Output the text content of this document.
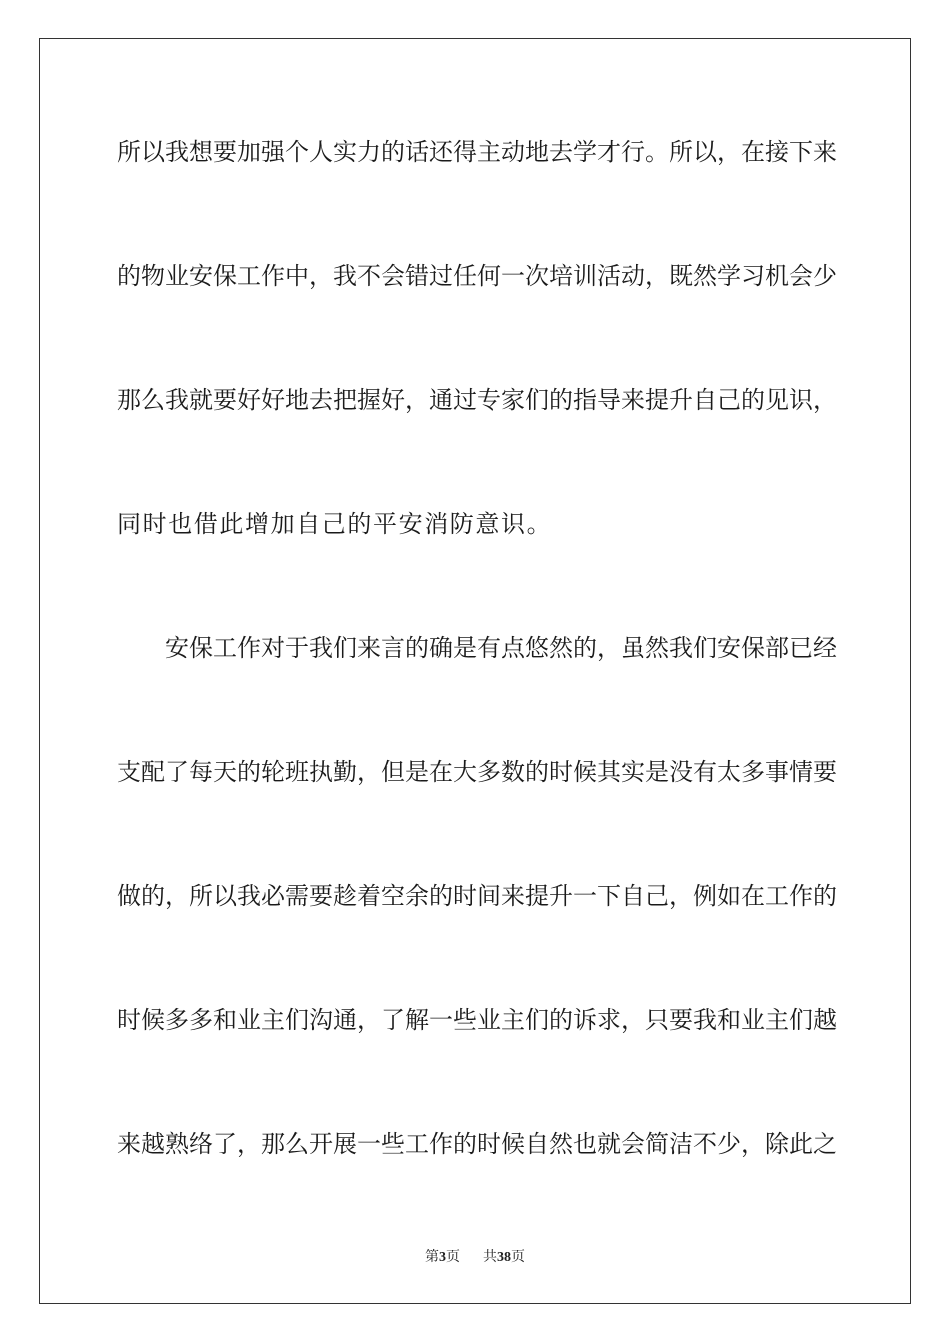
所以我想要加强个人实力的话还得主动地去学才行。所以，在接下来
的物业安保工作中，我不会错过任何一次培训活动，既然学习机会少
那么我就要好好地去把握好，通过专家们的指导来提升自己的见识，
同时也借此增加自己的平安消防意识。
安保工作对于我们来言的确是有点悠然的，虽然我们安保部已经
支配了每天的轮班执勤，但是在大多数的时候其实是没有太多事情要
做的，所以我必需要趁着空余的时间来提升一下自己，例如在工作的
时候多多和业主们沟通，了解一些业主们的诉求，只要我和业主们越
来越熟络了，那么开展一些工作的时候自然也就会简洁不少，除此之
第3页 共38页
